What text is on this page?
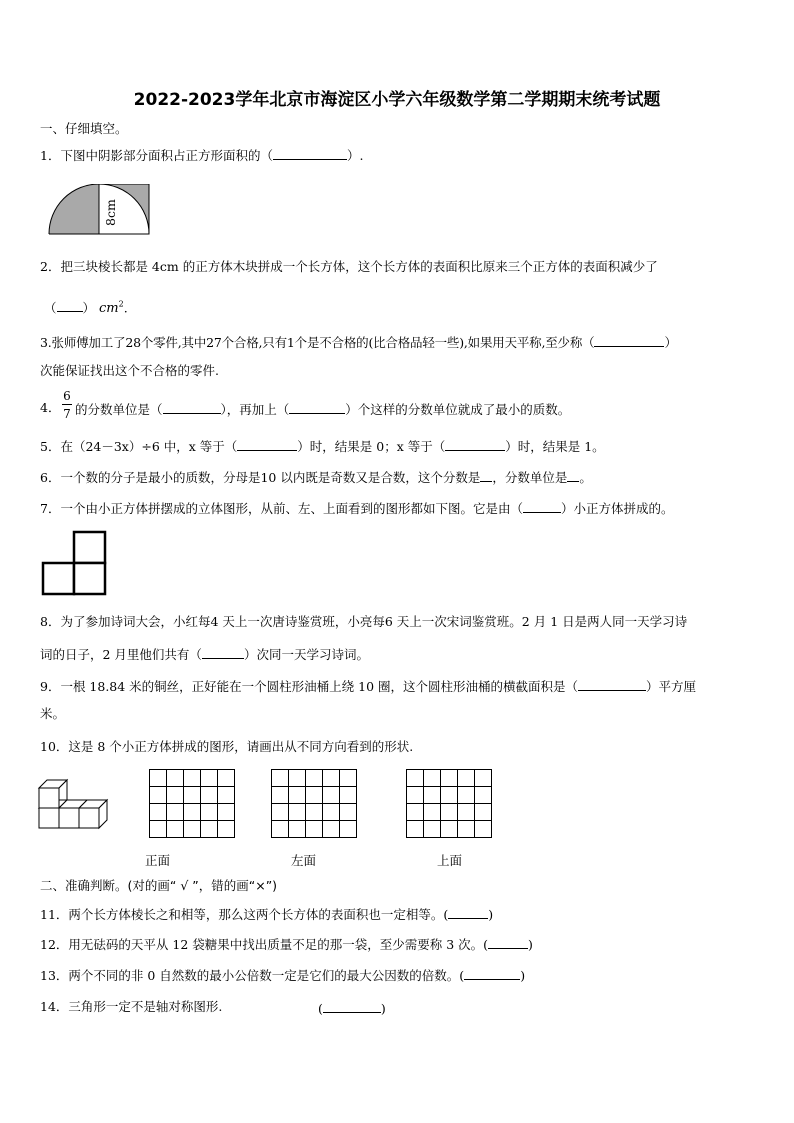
2022-2023学年北京市海淀区小学六年级数学第二学期期末统考试题
一、仔细填空。
1．下图中阴影部分面积占正方形面积的（	）.
8cm
2．把三块棱长都是 4cm 的正方体木块拼成一个长方体，这个长方体的表面积比原来三个正方体的表面积减少了
（ ） $cm^2$.
3.张师傅加工了28个零件,其中27个合格,只有1个是不合格的(比合格品轻一些),如果用天平称,至少称（	）
次能保证找出这个不合格的零件.
4．
6
7 的分数单位是（	），再加上（	）个这样的分数单位就成了最小的质数。
5．在（24－3x）÷6 中，x 等于（	）时，结果是 0；x 等于（	）时，结果是 1。
6．一个数的分子是最小的质数，分母是10 以内既是奇数又是合数，这个分数是 ，分数单位是 。
7．一个由小正方体拼摆成的立体图形，从前、左、上面看到的图形都如下图。它是由（	）小正方体拼成的。
8．为了参加诗词大会，小红每4 天上一次唐诗鉴赏班，小亮每6 天上一次宋词鉴赏班。2 月 1 日是两人同一天学习诗
词的日子，2 月里他们共有（	）次同一天学习诗词。
9．一根 18.84 米的铜丝，正好能在一个圆柱形油桶上绕 10 圈，这个圆柱形油桶的横截面积是（	）平方厘
米。
10．这是 8 个小正方体拼成的图形，请画出从不同方向看到的形状.
正面	左面	上面
二、准确判断。(对的画“ √ ”，错的画“×”)
11．两个长方体棱长之和相等，那么这两个长方体的表面积也一定相等。(	)
12．用无砝码的天平从 12 袋糖果中找出质量不足的那一袋，至少需要称 3 次。(	)
13．两个不同的非 0 自然数的最小公倍数一定是它们的最大公因数的倍数。(	)
14．三角形一定不是轴对称图形.	(	)
